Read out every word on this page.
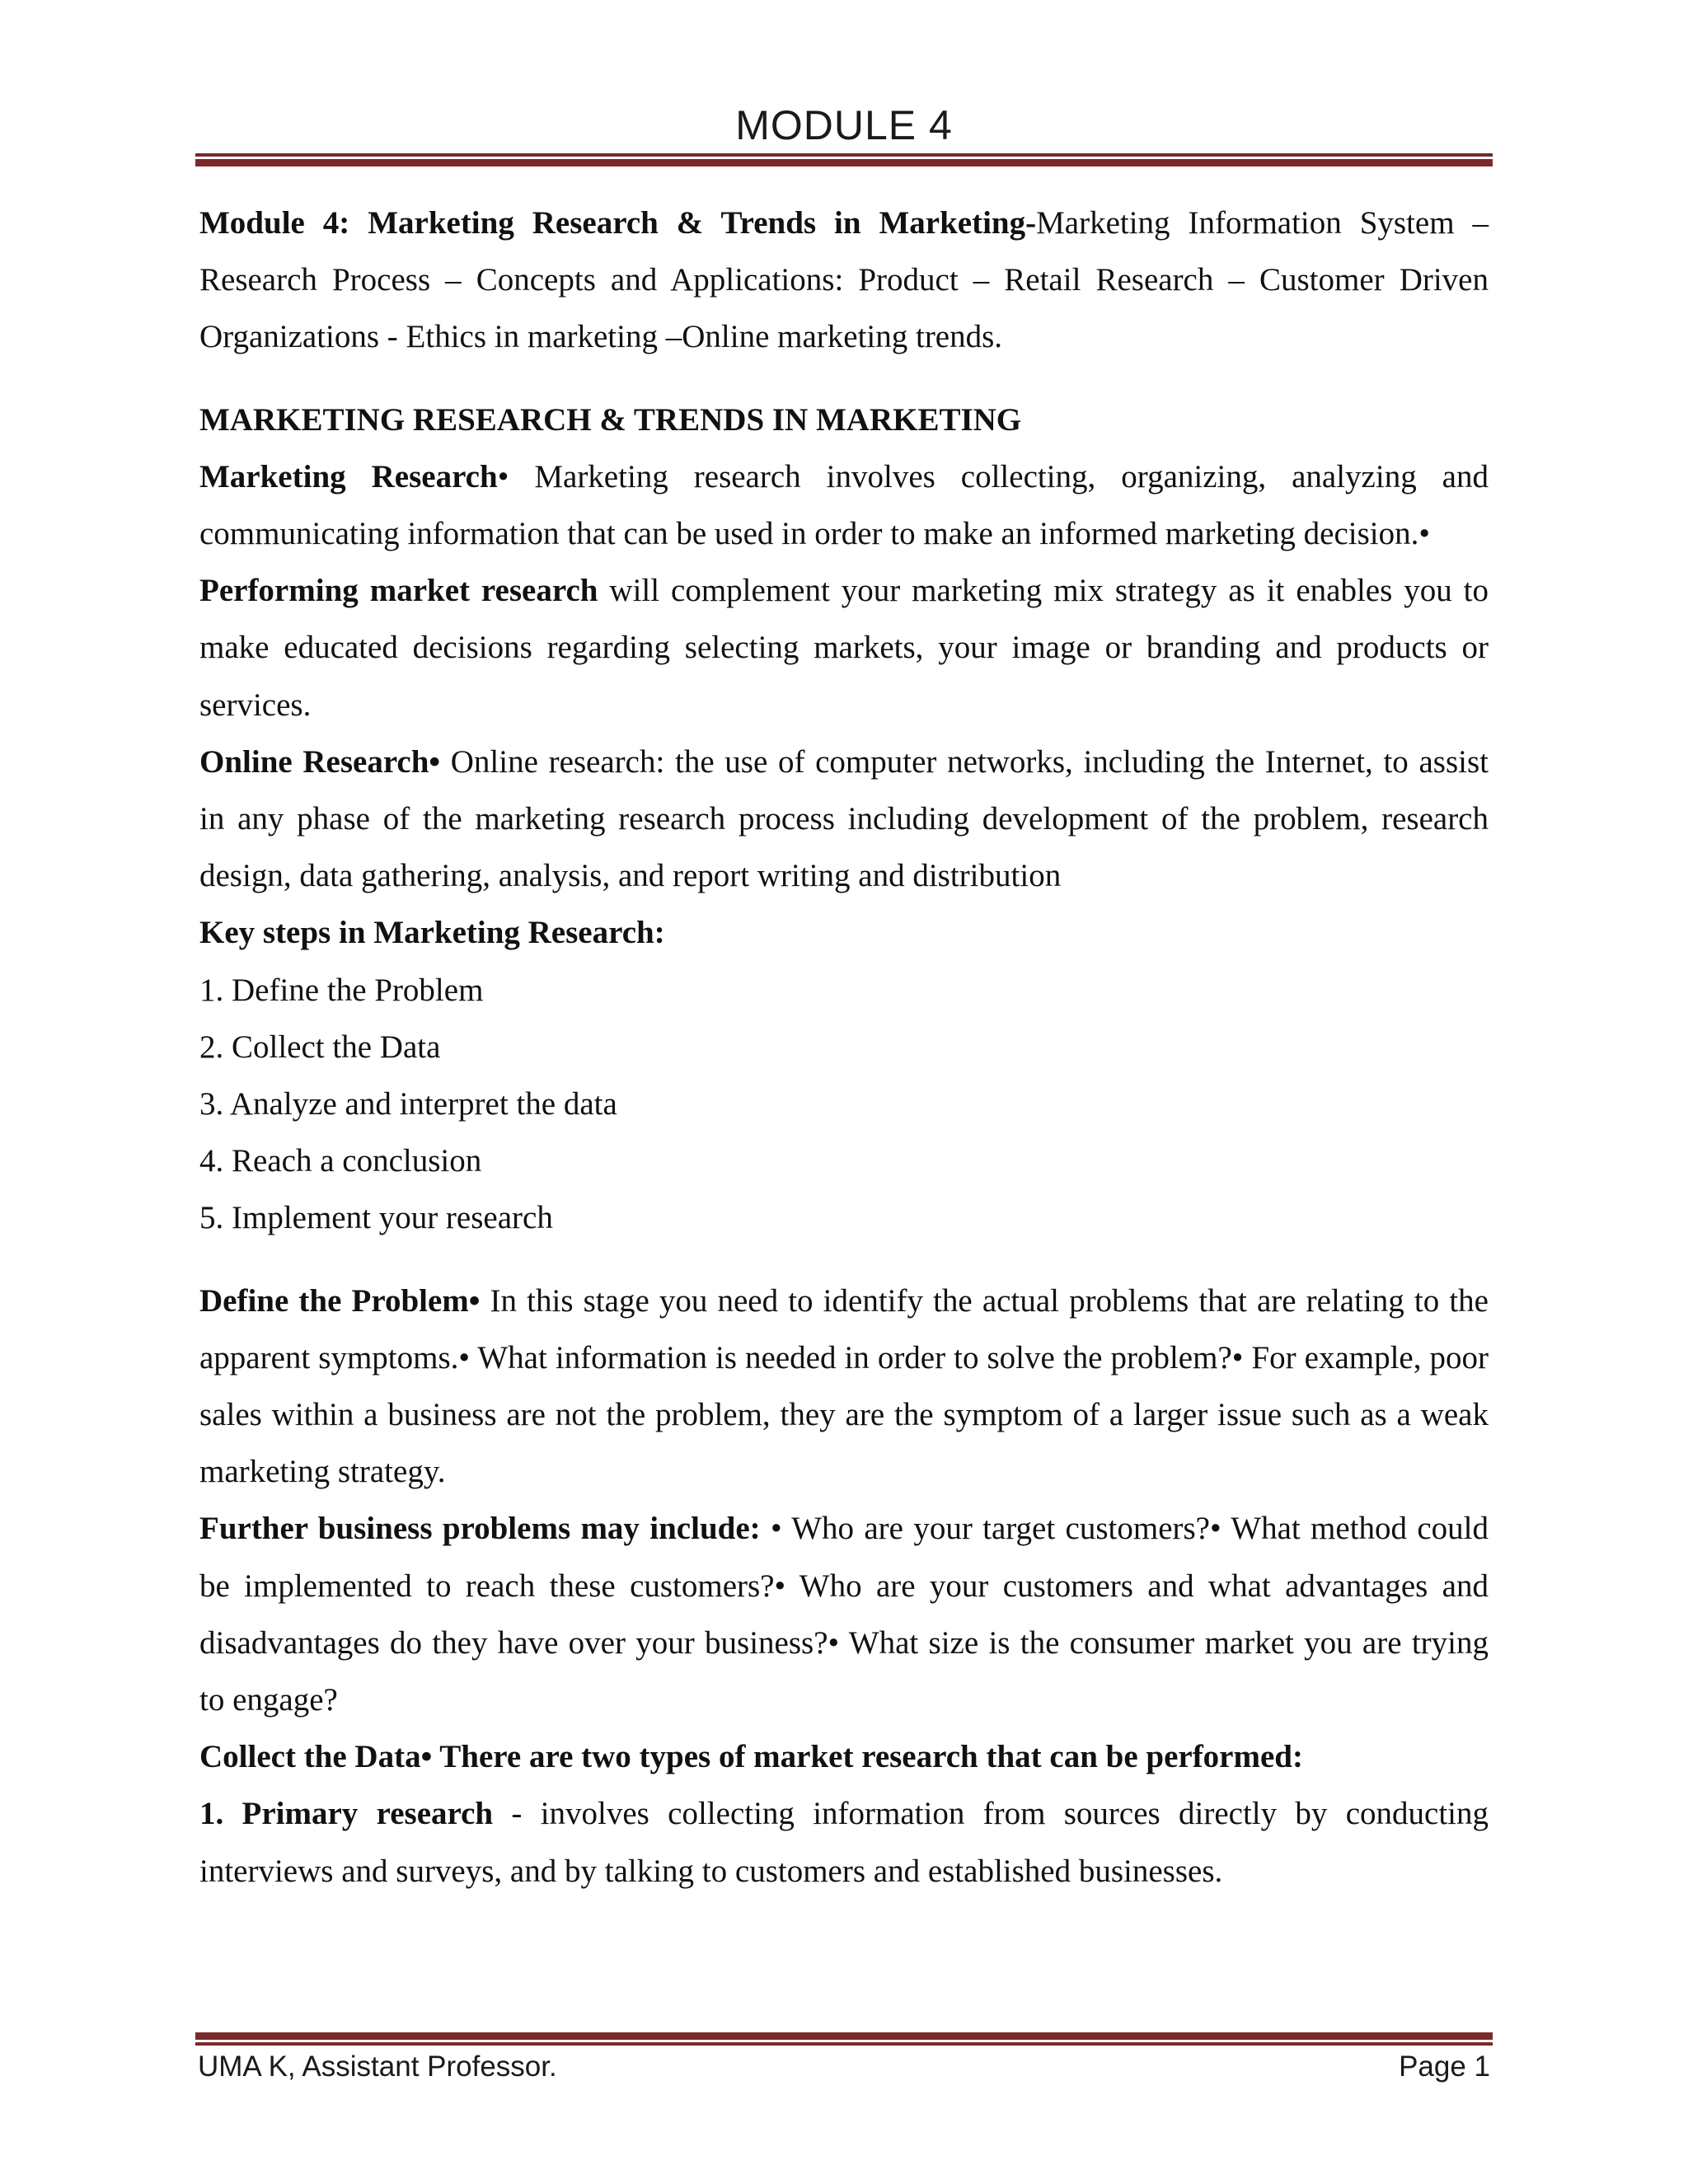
MODULE 4

Module 4: Marketing Research & Trends in Marketing-Marketing Information System – Research Process – Concepts and Applications: Product – Retail Research – Customer Driven Organizations - Ethics in marketing –Online marketing trends.

MARKETING RESEARCH & TRENDS IN MARKETING

Marketing Research• Marketing research involves collecting, organizing, analyzing and communicating information that can be used in order to make an informed marketing decision.•
Performing market research will complement your marketing mix strategy as it enables you to make educated decisions regarding selecting markets, your image or branding and products or services.

Online Research• Online research: the use of computer networks, including the Internet, to assist in any phase of the marketing research process including development of the problem, research design, data gathering, analysis, and report writing and distribution

Key steps in Marketing Research:

1. Define the Problem

2. Collect the Data

3. Analyze and interpret the data

4. Reach a conclusion

5. Implement your research

Define the Problem• In this stage you need to identify the actual problems that are relating to the apparent symptoms.• What information is needed in order to solve the problem?• For example, poor sales within a business are not the problem, they are the symptom of a larger issue such as a weak marketing strategy.

Further business problems may include: • Who are your target customers?• What method could be implemented to reach these customers?• Who are your customers and what advantages and disadvantages do they have over your business?• What size is the consumer market you are trying to engage?

Collect the Data• There are two types of market research that can be performed:

1. Primary research - involves collecting information from sources directly by conducting interviews and surveys, and by talking to customers and established businesses.

UMA K, Assistant Professor.	Page 1
